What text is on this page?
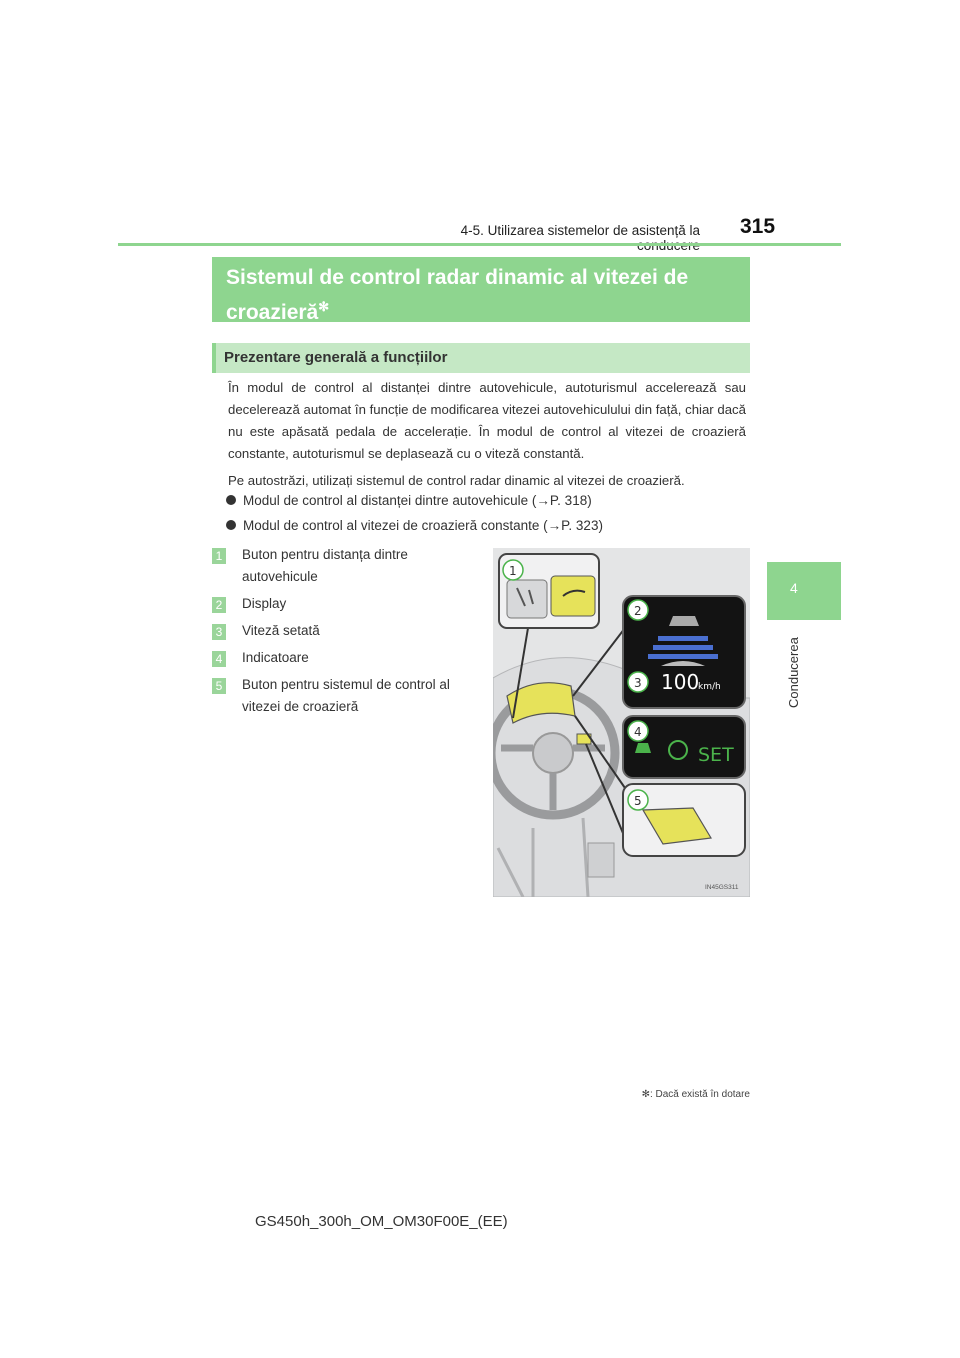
4-5. Utilizarea sistemelor de asistență la 315
4
Conducerea
Sistemul de control radar dinamic al vitezei de croazieră✻
Prezentare generală a funcțiilor

În modul de control al distanței dintre autovehicule, autoturismul accelerează sau decelerează automat în funcție de modificarea vitezei autovehiculului din față, chiar dacă nu este apăsată pedala de accelerație. În modul de control al vitezei de croazieră constante, autoturismul se deplasează cu o viteză constantă.

Pe autostrăzi, utilizați sistemul de control radar dinamic al vitezei de croazieră.

Modul de control al distanței dintre autovehicule (→P. 318)
Modul de control al vitezei de croazieră constante (→P. 323)
1 Buton pentru distanța dintre autovehicule
2 Display
3 Viteză setată
4 Indicatoare
5 Buton pentru sistemul de control al vitezei de croazieră
100
km/h
SET
1
2
3
4
5
IN45GS311
✻: Dacă există în dotare
GS450h_300h_OM_OM30F00E_(EE)
